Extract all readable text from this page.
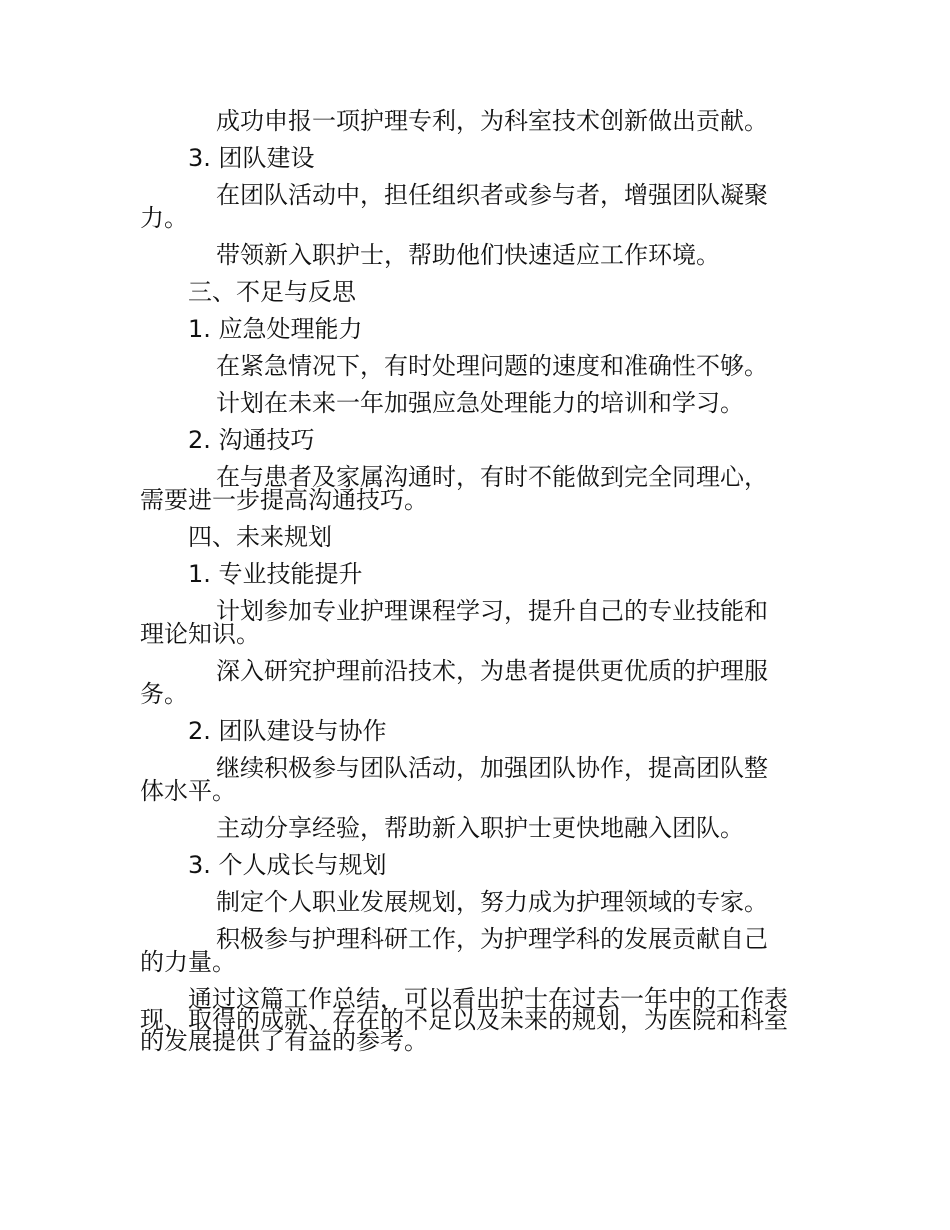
成功申报一项护理专利，为科室技术创新做出贡献。

3. 团队建设

在团队活动中，担任组织者或参与者，增强团队凝聚

力。

带领新入职护士，帮助他们快速适应工作环境。

三、不足与反思

1. 应急处理能力

在紧急情况下，有时处理问题的速度和准确性不够。

计划在未来一年加强应急处理能力的培训和学习。

2. 沟通技巧

在与患者及家属沟通时，有时不能做到完全同理心，

需要进一步提高沟通技巧。

四、未来规划

1. 专业技能提升

计划参加专业护理课程学习，提升自己的专业技能和

理论知识。

深入研究护理前沿技术，为患者提供更优质的护理服

务。

2. 团队建设与协作

继续积极参与团队活动，加强团队协作，提高团队整

体水平。

主动分享经验，帮助新入职护士更快地融入团队。

3. 个人成长与规划

制定个人职业发展规划，努力成为护理领域的专家。

积极参与护理科研工作，为护理学科的发展贡献自己

的力量。

通过这篇工作总结，可以看出护士在过去一年中的工作表

现、取得的成就、存在的不足以及未来的规划，为医院和科室

的发展提供了有益的参考。
